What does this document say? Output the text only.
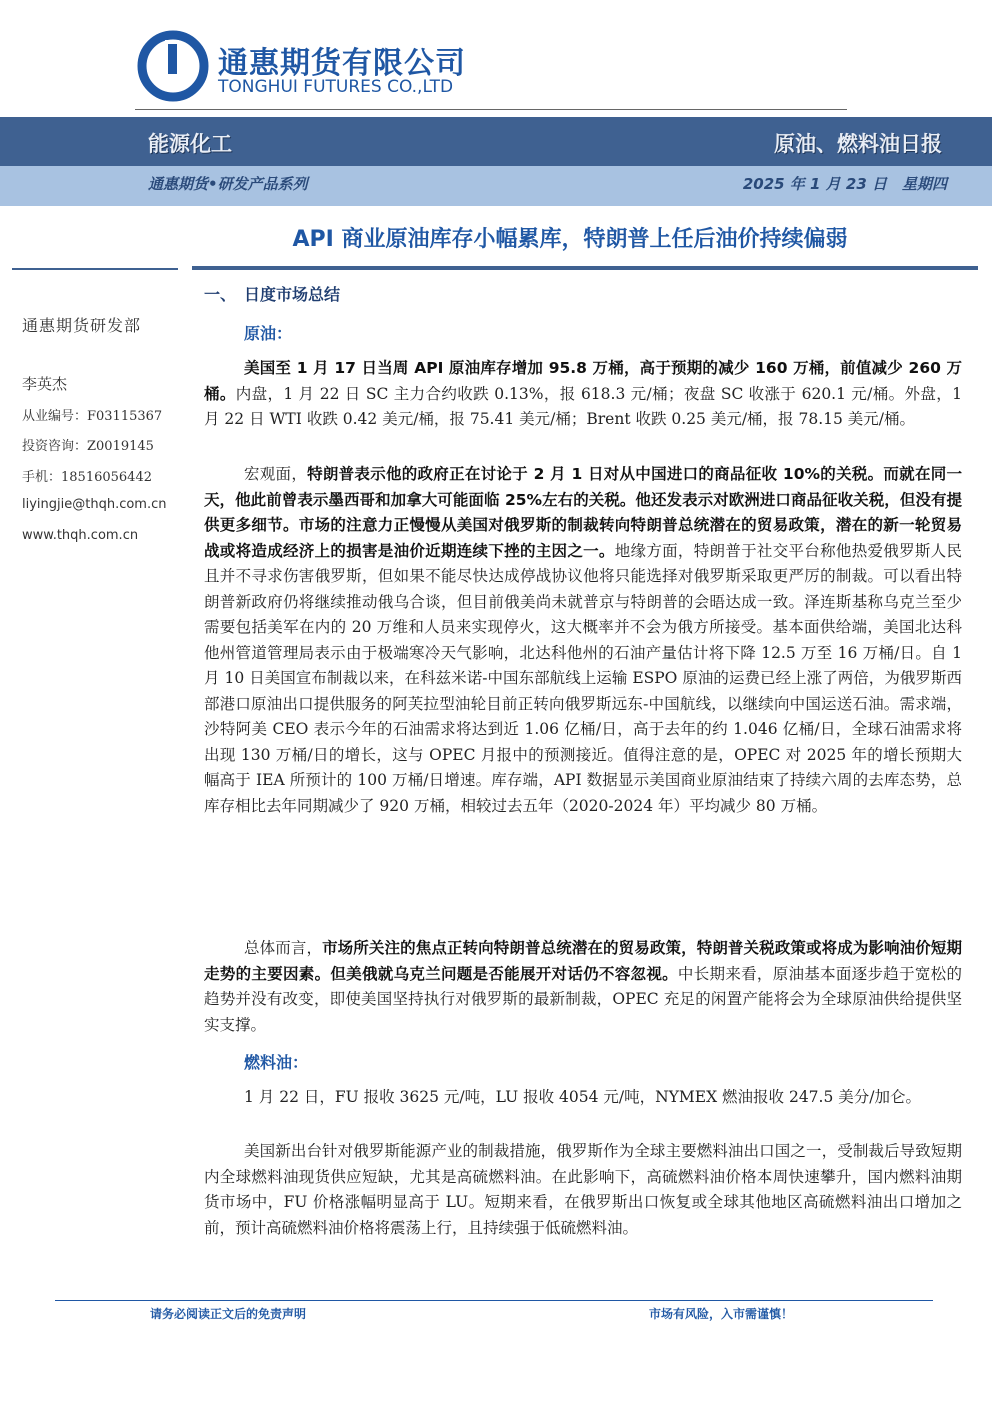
通惠期货有限公司
TONGHUI FUTURES CO.,LTD
能源化工	原油、燃料油日报
通惠期货•研发产品系列	2025 年 1 月 23 日　星期四
API 商业原油库存小幅累库，特朗普上任后油价持续偏弱
通惠期货研发部
李英杰
从业编号：F03115367
投资咨询：Z0019145
手机：18516056442
liyingjie@thqh.com.cn
www.thqh.com.cn
一、　日度市场总结
原油：

美国至 1 月 17 日当周 API 原油库存增加 95.8 万桶，高于预期的减少 160 万桶，前值减少 260 万桶。内盘，1 月 22 日 SC 主力合约收跌 0.13%，报 618.3 元/桶；夜盘 SC 收涨于 620.1 元/桶。外盘，1 月 22 日 WTI 收跌 0.42 美元/桶，报 75.41 美元/桶；Brent 收跌 0.25 美元/桶，报 78.15 美元/桶。

宏观面，特朗普表示他的政府正在讨论于 2 月 1 日对从中国进口的商品征收 10%的关税。而就在同一天，他此前曾表示墨西哥和加拿大可能面临 25%左右的关税。他还发表示对欧洲进口商品征收关税，但没有提供更多细节。市场的注意力正慢慢从美国对俄罗斯的制裁转向特朗普总统潜在的贸易政策，潜在的新一轮贸易战或将造成经济上的损害是油价近期连续下挫的主因之一。地缘方面，特朗普于社交平台称他热爱俄罗斯人民且并不寻求伤害俄罗斯，但如果不能尽快达成停战协议他将只能选择对俄罗斯采取更严厉的制裁。可以看出特朗普新政府仍将继续推动俄乌合谈，但目前俄美尚未就普京与特朗普的会晤达成一致。泽连斯基称乌克兰至少需要包括美军在内的 20 万维和人员来实现停火，这大概率并不会为俄方所接受。基本面供给端，美国北达科他州管道管理局表示由于极端寒冷天气影响，北达科他州的石油产量估计将下降 12.5 万至 16 万桶/日。自 1 月 10 日美国宣布制裁以来，在科兹米诺-中国东部航线上运输 ESPO 原油的运费已经上涨了两倍，为俄罗斯西部港口原油出口提供服务的阿芙拉型油轮目前正转向俄罗斯远东-中国航线，以继续向中国运送石油。需求端，沙特阿美 CEO 表示今年的石油需求将达到近 1.06 亿桶/日，高于去年的约 1.046 亿桶/日，全球石油需求将出现 130 万桶/日的增长，这与 OPEC 月报中的预测接近。值得注意的是，OPEC 对 2025 年的增长预期大幅高于 IEA 所预计的 100 万桶/日增速。库存端，API 数据显示美国商业原油结束了持续六周的去库态势，总库存相比去年同期减少了 920 万桶，相较过去五年（2020-2024 年）平均减少 80 万桶。

总体而言，市场所关注的焦点正转向特朗普总统潜在的贸易政策，特朗普关税政策或将成为影响油价短期走势的主要因素。但美俄就乌克兰问题是否能展开对话仍不容忽视。中长期来看，原油基本面逐步趋于宽松的趋势并没有改变，即使美国坚持执行对俄罗斯的最新制裁，OPEC 充足的闲置产能将会为全球原油供给提供坚实支撑。

燃料油：

1 月 22 日，FU 报收 3625 元/吨，LU 报收 4054 元/吨，NYMEX 燃油报收 247.5 美分/加仑。

美国新出台针对俄罗斯能源产业的制裁措施，俄罗斯作为全球主要燃料油出口国之一，受制裁后导致短期内全球燃料油现货供应短缺，尤其是高硫燃料油。在此影响下，高硫燃料油价格本周快速攀升，国内燃料油期货市场中，FU 价格涨幅明显高于 LU。短期来看，在俄罗斯出口恢复或全球其他地区高硫燃料油出口增加之前，预计高硫燃料油价格将震荡上行，且持续强于低硫燃料油。

请务必阅读正文后的免责声明	市场有风险，入市需谨慎！
